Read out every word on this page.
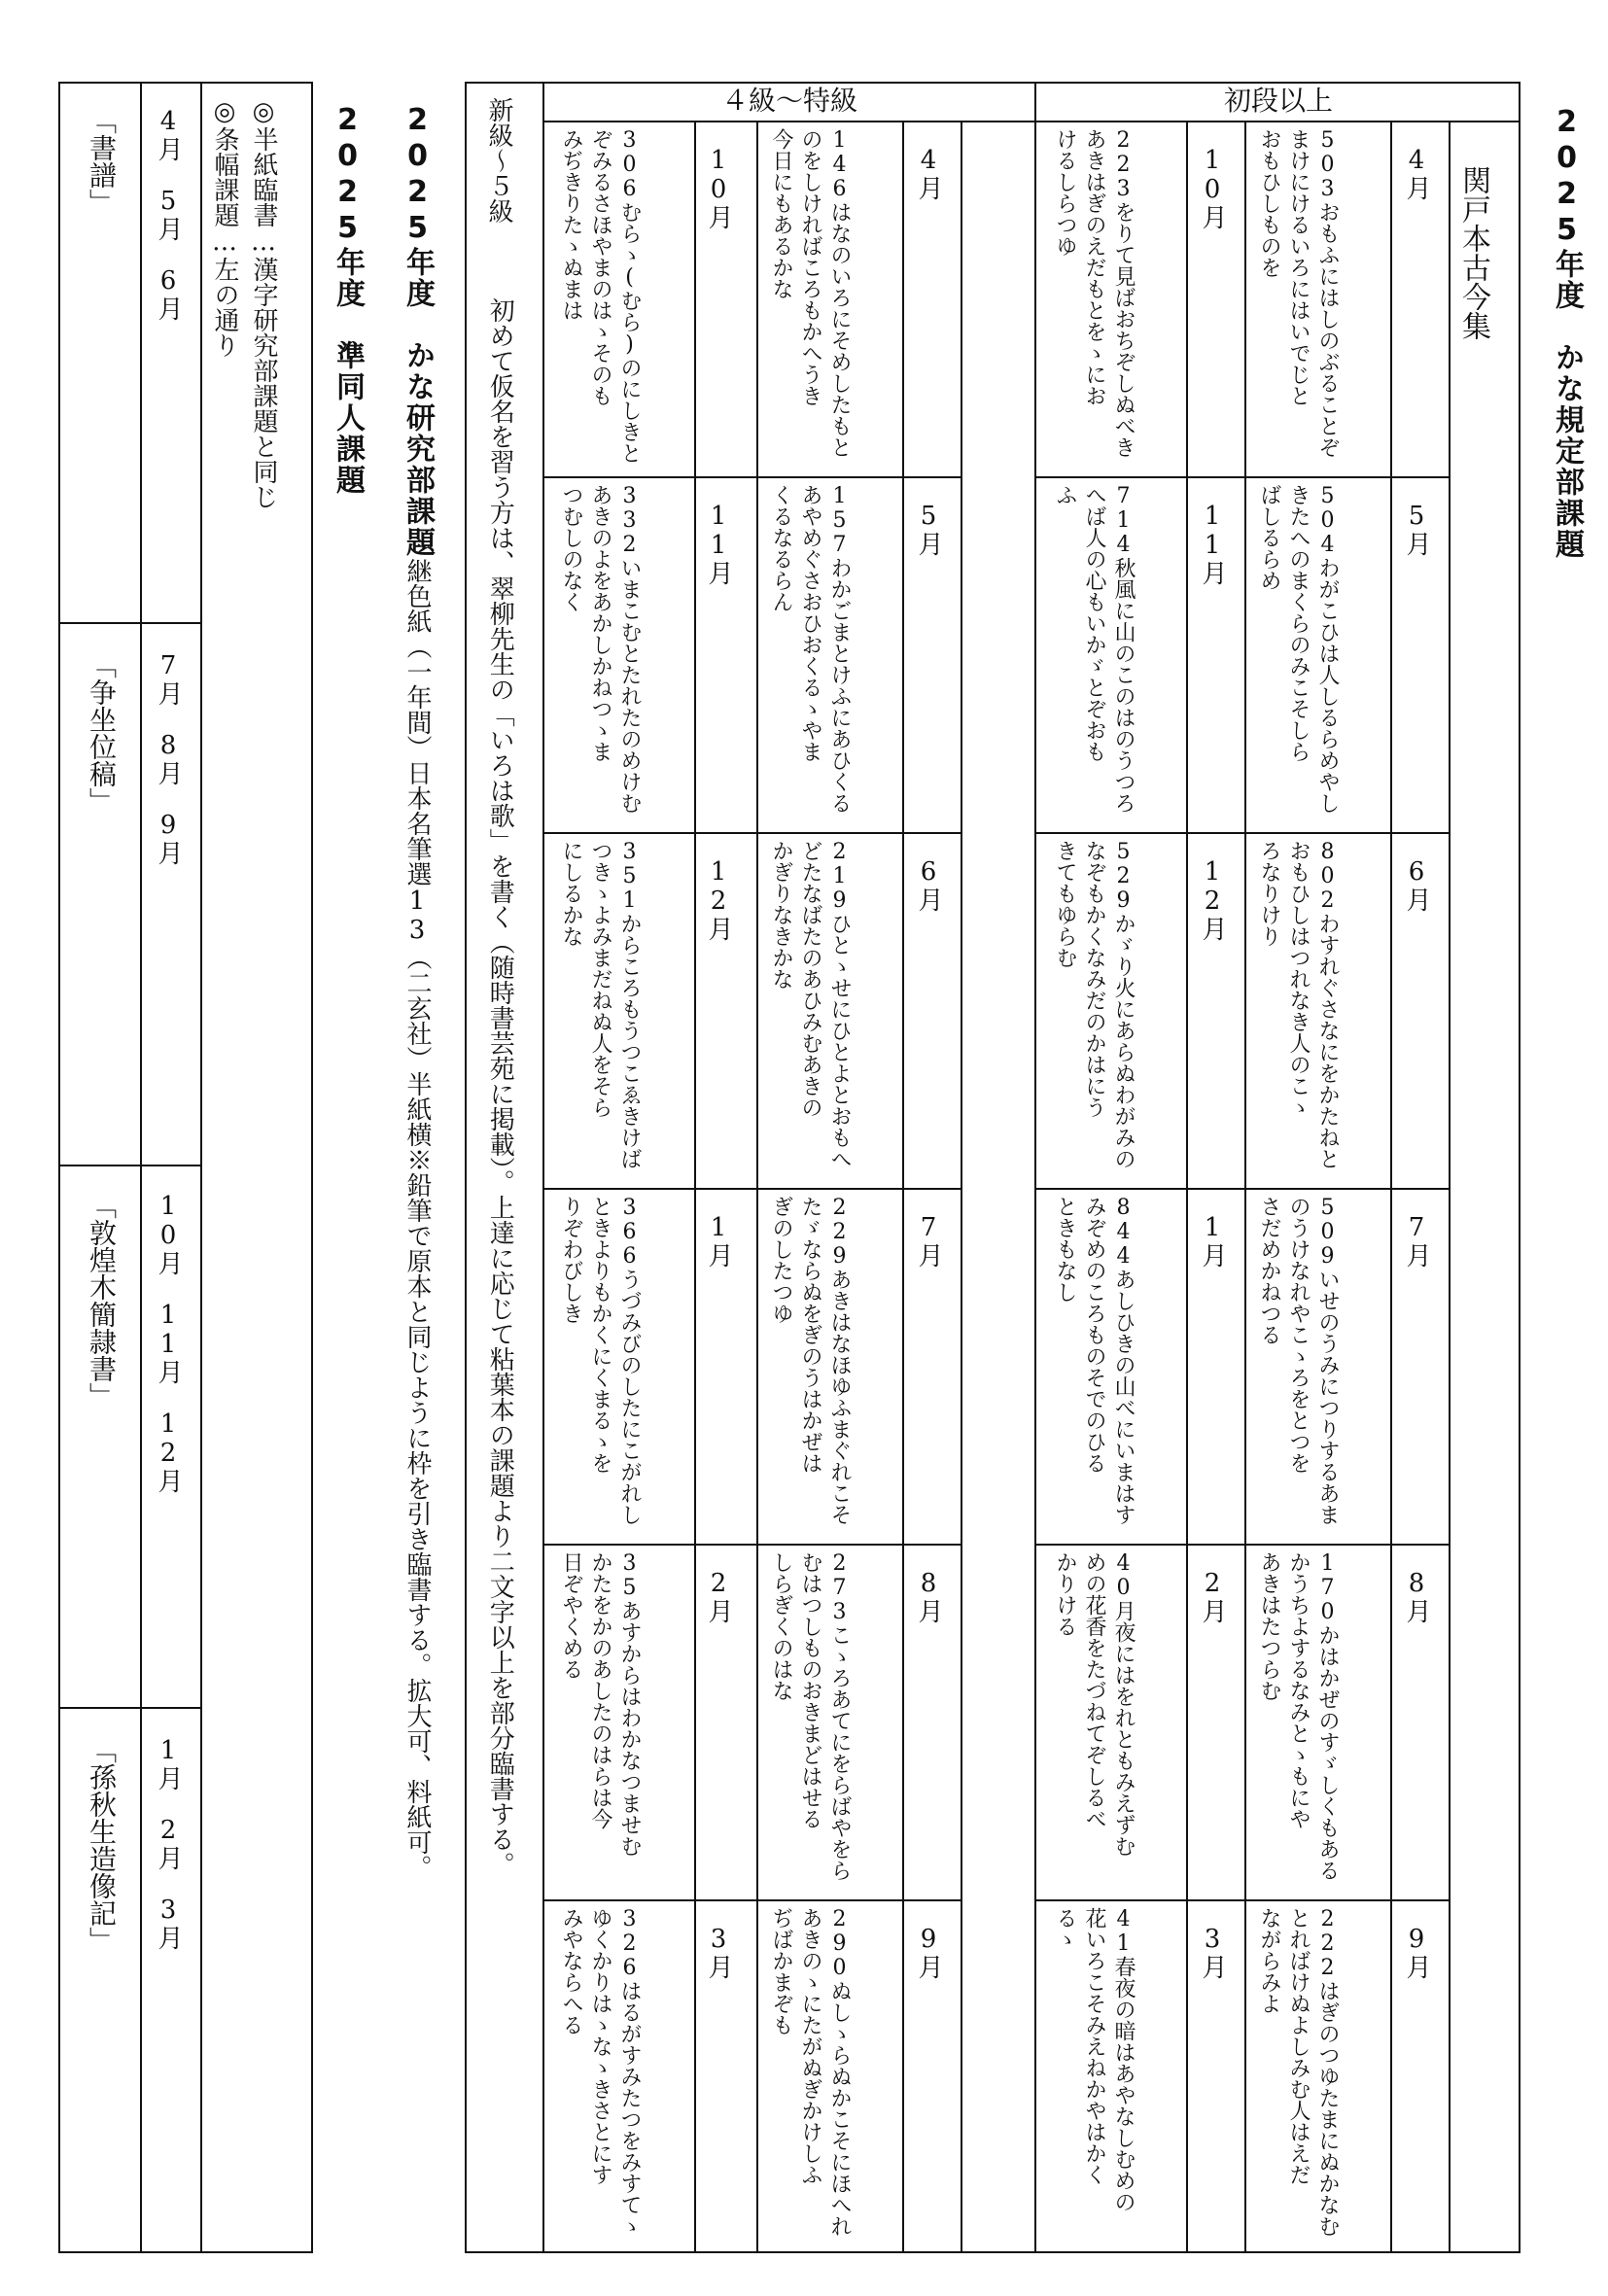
2025年度　かな規定部課題
初段以上
４級～特級
関戸本古今集
4月
503おもふにはしのぶることぞ
まけにけるいろにはいでじと
おもひしものを
10月
223をりて見ばおちぞしぬべき
あきはぎのえだもとをゝにお
けるしらつゆ
5月
504わがこひは人しるらめやし
きたへのまくらのみこそしら
ばしるらめ
11月
714秋風に山のこのはのうつろ
へば人の心もいかゞとぞおも
ふ
6月
802わすれぐさなにをかたねと
おもひしはつれなき人のこゝ
ろなりけり
12月
529かゞり火にあらぬわがみの
なぞもかくなみだのかはにう
きてもゆらむ
7月
509いせのうみにつりするあま
のうけなれやこゝろをとつを
さだめかねつる
1月
844あしひきの山べにいまはす
みぞめのころものそでのひる
ときもなし
8月
170かはかぜのすゞしくもある
かうちよするなみとゝもにや
あきはたつらむ
2月
40月夜にはをれともみえずむ
めの花香をたづねてぞしるべ
かりける
9月
222はぎのつゆたまにぬかなむ
とればけぬよしみむ人はえだ
ながらみよ
3月
41春夜の暗はあやなしむめの
花いろこそみえねかやはかく
るゝ
4月
146はなのいろにそめしたもと
のをしければころもかへうき
今日にもあるかな
10月
306むらゝ(むら)のにしきと
ぞみるさほやまのはゝそのも
みぢきりたゝぬまは
5月
157わかごまとけふにあひくる
あやめぐさおひおくるゝやま
くるなるらん
11月
332いまこむとたれたのめけむ
あきのよをあかしかねつゝま
つむしのなく
6月
219ひとゝせにひとよとおもへ
どたなばたのあひみむあきの
かぎりなきかな
12月
351からころもうつこゑきけば
つきゝよみまだねぬ人をそら
にしるかな
7月
229あきはなほゆふまぐれこそ
たゞならぬをぎのうはかぜは
ぎのしたつゆ
1月
366うづみびのしたにこがれし
ときよりもかくにくまるゝを
りぞわびしき
8月
273こゝろあてにをらばやをら
むはつしものおきまどはせる
しらぎくのはな
2月
35あすからはわかなつませむ
かたをかのあしたのはらは今
日ぞやくめる
9月
290ぬしゝらぬかこそにほへれ
あきのゝにたがぬぎかけしふ
ぢばかまぞも
3月
326はるがすみたつをみすてゝ
ゆくかりはゝなゝきさとにす
みやならへる
新級～５級
初めて仮名を習う方は、翠柳先生の「いろは歌」を書く（随時書芸苑に掲載）。上達に応じて粘葉本の課題より二文字以上を部分臨書する。
2025年度　かな研究部課題継色紙（一年間）日本名筆選13（二玄社）半紙横※鉛筆で原本と同じように枠を引き臨書する。拡大可、料紙可。
2025年度　準同人課題
◎半紙臨書…漢字研究部課題と同じ
◎条幅課題…左の通り
「書譜」 4月　5月　6月
「争坐位稿」 7月　8月　9月
「敦煌木簡隷書」 10月　11月　12月
「孫秋生造像記」 1月　2月　3月
